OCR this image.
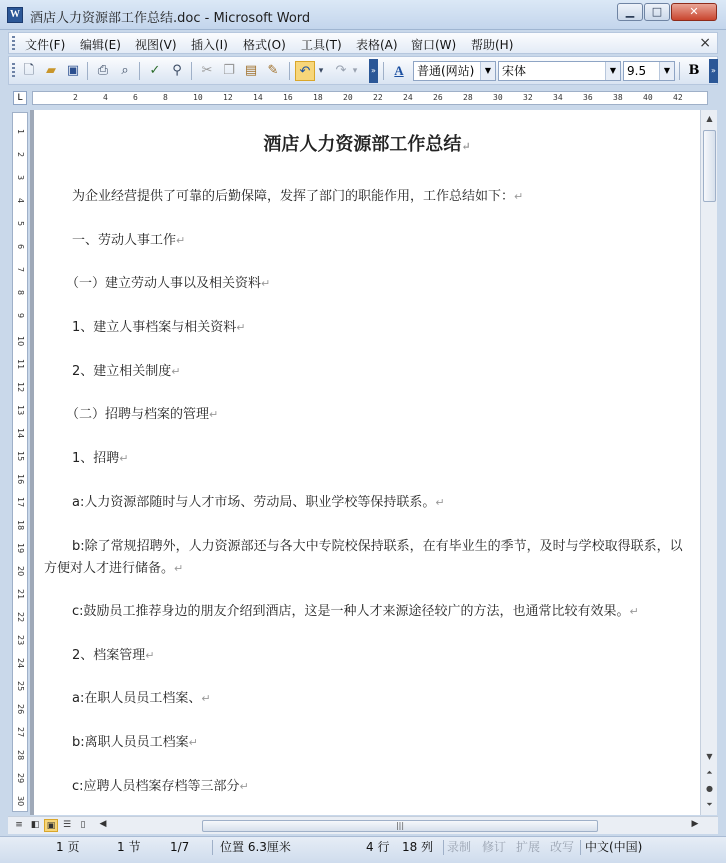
W 酒店人力资源部工作总结.doc - Microsoft Word	▁	□	✕
文件(F) 编辑(E) 视图(V) 插入(I) 格式(O) 工具(T) 表格(A) 窗口(W) 帮助(H)	×
🗋 ▰ ▣	⎙	⌕	✓ ⚲	✂ ❐ ▤ ✎	↶ ▾ ↷ ▾	»	A	普通(网站)	▼ 宋体	▼ 9.5	▼	B	»
L	2	4	6	8	10	12	14	16	18	20	22	24	26	28	30	32	34	36	38	40	42
1
2
3
4
5
6
7
8
9
10
11
12
13
14
15
16
17
18
19
20
21
22
23
24
25
26
27
28
29
30
酒店人力资源部工作总结↵
为企业经营提供了可靠的后勤保障，发挥了部门的职能作用，工作总结如下：↵
一、劳动人事工作↵
（一）建立劳动人事以及相关资料↵
1、建立人事档案与相关资料↵
2、建立相关制度↵
（二）招聘与档案的管理↵
1、招聘↵
a:人力资源部随时与人才市场、劳动局、职业学校等保持联系。↵
b:除了常规招聘外，人力资源部还与各大中专院校保持联系，在有毕业生的季节，及时与学校取得联系，以方便对人才进行储备。↵
c:鼓励员工推荐身边的朋友介绍到酒店，这是一种人才来源途径较广的方法，也通常比较有效果。↵
2、档案管理↵
a:在职人员员工档案、↵
b:离职人员员工档案↵
c:应聘人员档案存档等三部分↵
▲
▼
⏶
●
⏷
≡ ◧ ▣ ☰	▯	◀	|||	▶
1 页	1 节 1/7	位置 6.3厘米	4 行 18 列 录制 修订 扩展 改写 中文(中国)
